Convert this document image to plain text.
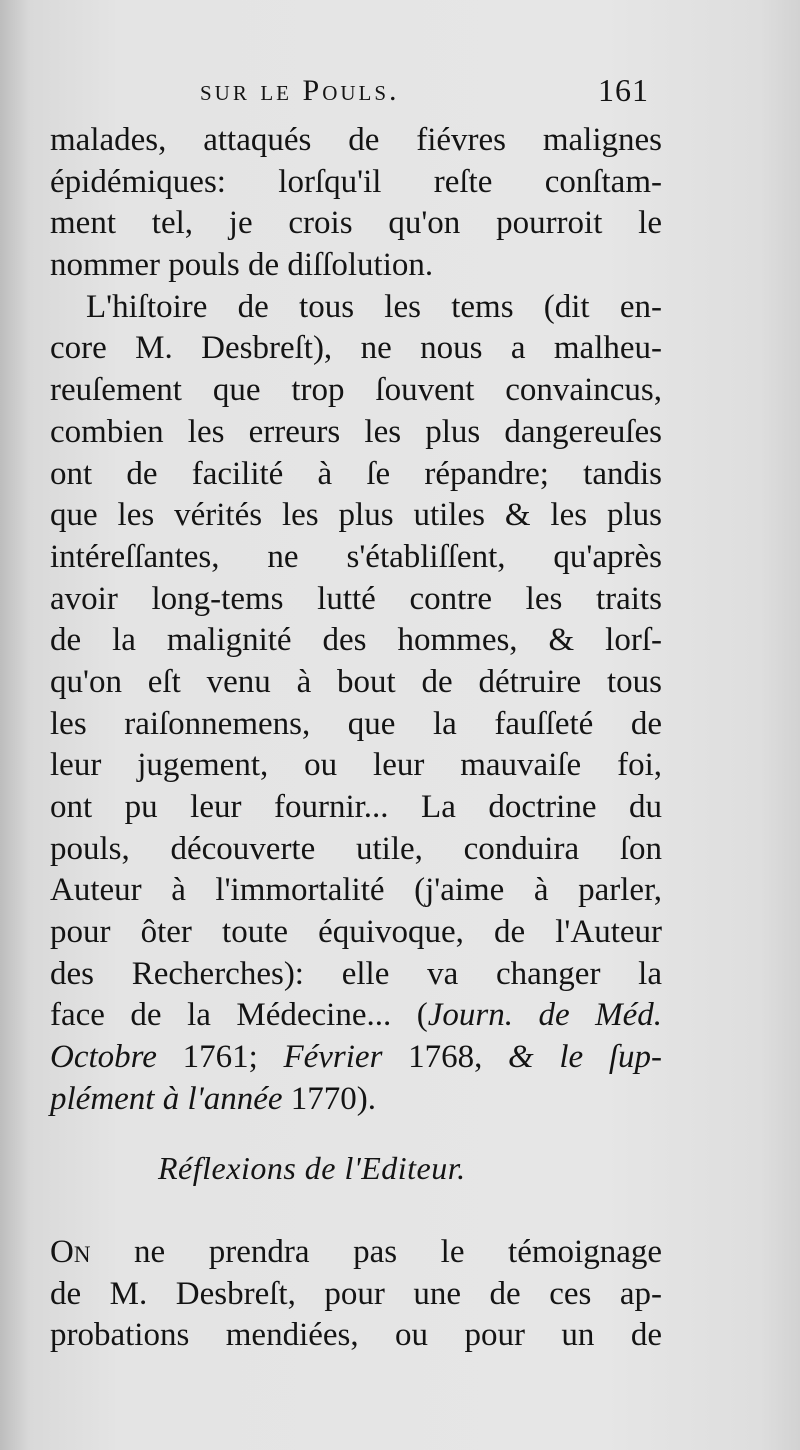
sur le Pouls.	161
malades, attaqués de fiévres malignes
épidémiques: lorſqu'il reſte conſtam-
ment tel, je crois qu'on pourroit le
nommer pouls de diſſolution.
L'hiſtoire de tous les tems (dit en-
core M. Desbreſt), ne nous a malheu-
reuſement que trop ſouvent convaincus,
combien les erreurs les plus dangereuſes
ont de facilité à ſe répandre; tandis
que les vérités les plus utiles & les plus
intéreſſantes, ne s'établiſſent, qu'après
avoir long-tems lutté contre les traits
de la malignité des hommes, & lorſ-
qu'on eſt venu à bout de détruire tous
les raiſonnemens, que la fauſſeté de
leur jugement, ou leur mauvaiſe foi,
ont pu leur fournir... La doctrine du
pouls, découverte utile, conduira ſon
Auteur à l'immortalité (j'aime à parler,
pour ôter toute équivoque, de l'Auteur
des Recherches): elle va changer la
face de la Médecine... (Journ. de Méd.
Octobre 1761; Février 1768, & le ſup-
plément à l'année 1770).
Réflexions de l'Editeur.
On ne prendra pas le témoignage
de M. Desbreſt, pour une de ces ap-
probations mendiées, ou pour un de
